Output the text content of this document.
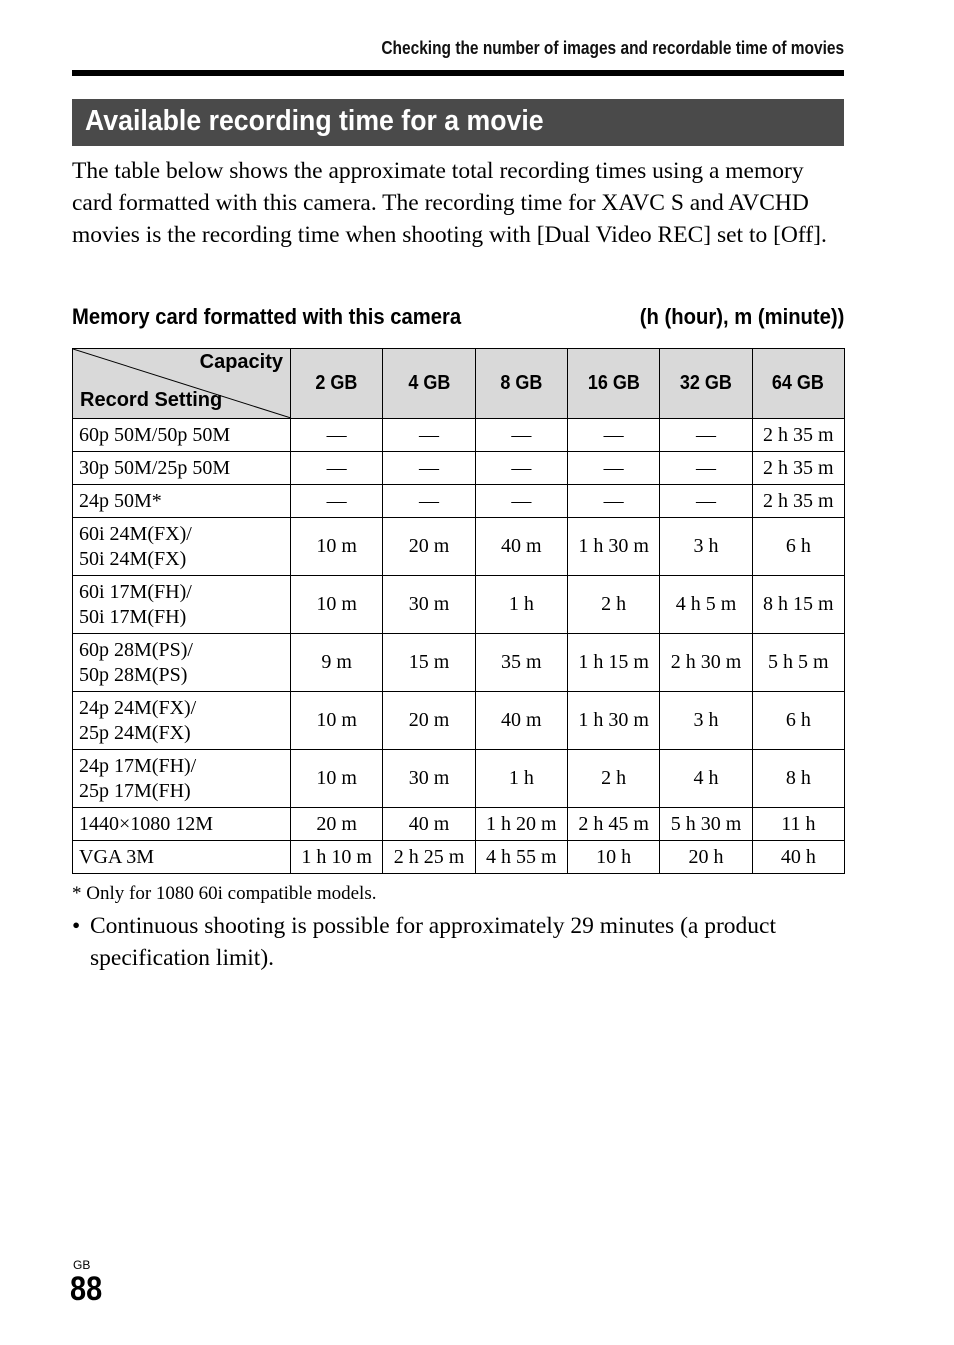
Checking the number of images and recordable time of movies
Available recording time for a movie

The table below shows the approximate total recording times using a memory card formatted with this camera. The recording time for XAVC S and AVCHD movies is the recording time when shooting with [Dual Video REC] set to [Off].

Memory card formatted with this camera	(h (hour), m (minute))
Capacity
Record Setting	2 GB	4 GB	8 GB	16 GB	32 GB	64 GB
60p 50M/50p 50M	—	—	—	—	—	2 h 35 m
30p 50M/25p 50M	—	—	—	—	—	2 h 35 m
24p 50M*	—	—	—	—	—	2 h 35 m
60i 24M(FX)/
50i 24M(FX)	10 m	20 m	40 m	1 h 30 m	3 h	6 h
60i 17M(FH)/
50i 17M(FH)	10 m	30 m	1 h	2 h	4 h 5 m	8 h 15 m
60p 28M(PS)/
50p 28M(PS)	9 m	15 m	35 m	1 h 15 m	2 h 30 m	5 h 5 m
24p 24M(FX)/
25p 24M(FX)	10 m	20 m	40 m	1 h 30 m	3 h	6 h
24p 17M(FH)/
25p 17M(FH)	10 m	30 m	1 h	2 h	4 h	8 h
1440×1080 12M	20 m	40 m	1 h 20 m	2 h 45 m	5 h 30 m	11 h
VGA 3M	1 h 10 m	2 h 25 m	4 h 55 m	10 h	20 h	40 h
* Only for 1080 60i compatible models.
• Continuous shooting is possible for approximately 29 minutes (a product specification limit).
GB
88
